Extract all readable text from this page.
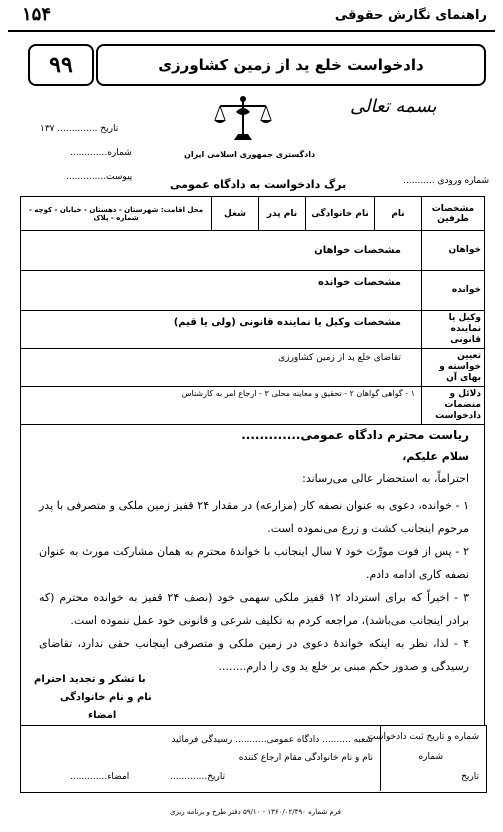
۱۵۴	راهنمای نگارش حقوقی
۹۹	دادخواست خلع ید از زمین کشاورزی
تاریخ .............. ۱۳۷
شماره.............
پیوست..............
دادگستری جمهوری اسلامی ایران
بسمه تعالی
شماره ورودی ...........
برگ دادخواست به دادگاه عمومی
مشخصات طرفین	نام	نام خانوادگی	نام پدر	شغل	محل اقامت: شهرستان - دهستان - خیابان - کوچه - شماره - پلاک
خواهان	مشخصات خواهان				
خوانده	مشخصات خوانده				
وکیل یا نماینده قانونی	مشخصات وکیل یا نماینده قانونی (ولی یا قیم)				
تعیین خواسته و بهای آن	تقاضای خلع ید از زمین کشاورزی				
دلائل و منضمات دادخواست	۱ - گواهی گواهان ۲ - تحقیق و معاینه محلی ۳ - ارجاع امر به کارشناس				
ریاست محترم دادگاه عمومی.............
سلام علیکم،
احتراماً، به استحضار عالی می‌رساند:
۱ - خوانده، دعوی به عنوان نصفه کار (مزارعه) در مقدار ۲۴ قفیز زمین ملکی و متصرفی با پدر مرحوم اینجانب کشت و زرع می‌نموده است.
۲ - پس از فوت مورِّث خود ۷ سال اینجانب با خواندهٔ محترم به همان مشارکت مورث به عنوان نصفه کاری ادامه دادم.
۳ - اخیراً که برای استرداد ۱۲ قفیز ملکی سهمی خود (نصف ۲۴ قفیز به خوانده محترم (که برادر اینجانب می‌باشد)، مراجعه کردم به تکلیف شرعی و قانونی خود عمل ننموده است.
۴ - لذا، نظر به اینکه خواندهٔ دعوی در زمین ملکی و متصرفی اینجانب حقی ندارد، تقاضای رسیدگی و صدور حکم مبنی بر خلع ید وی را دارم........
با تشکر و تجدید احترام
نام و نام خانوادگی
امضاء
شماره و تاریخ ثبت دادخواست
شماره
تاریخ
شعبه .......... دادگاه عمومی........... رسیدگی فرمائید
نام و نام خانوادگی مقام ارجاع کننده
تاریخ.............
امضاء.............
فرم شماره ۱۳۶۰/۰۲/۴۹۰ - ۵۹/۱۰ دفتر طرح و برنامه ریزی
